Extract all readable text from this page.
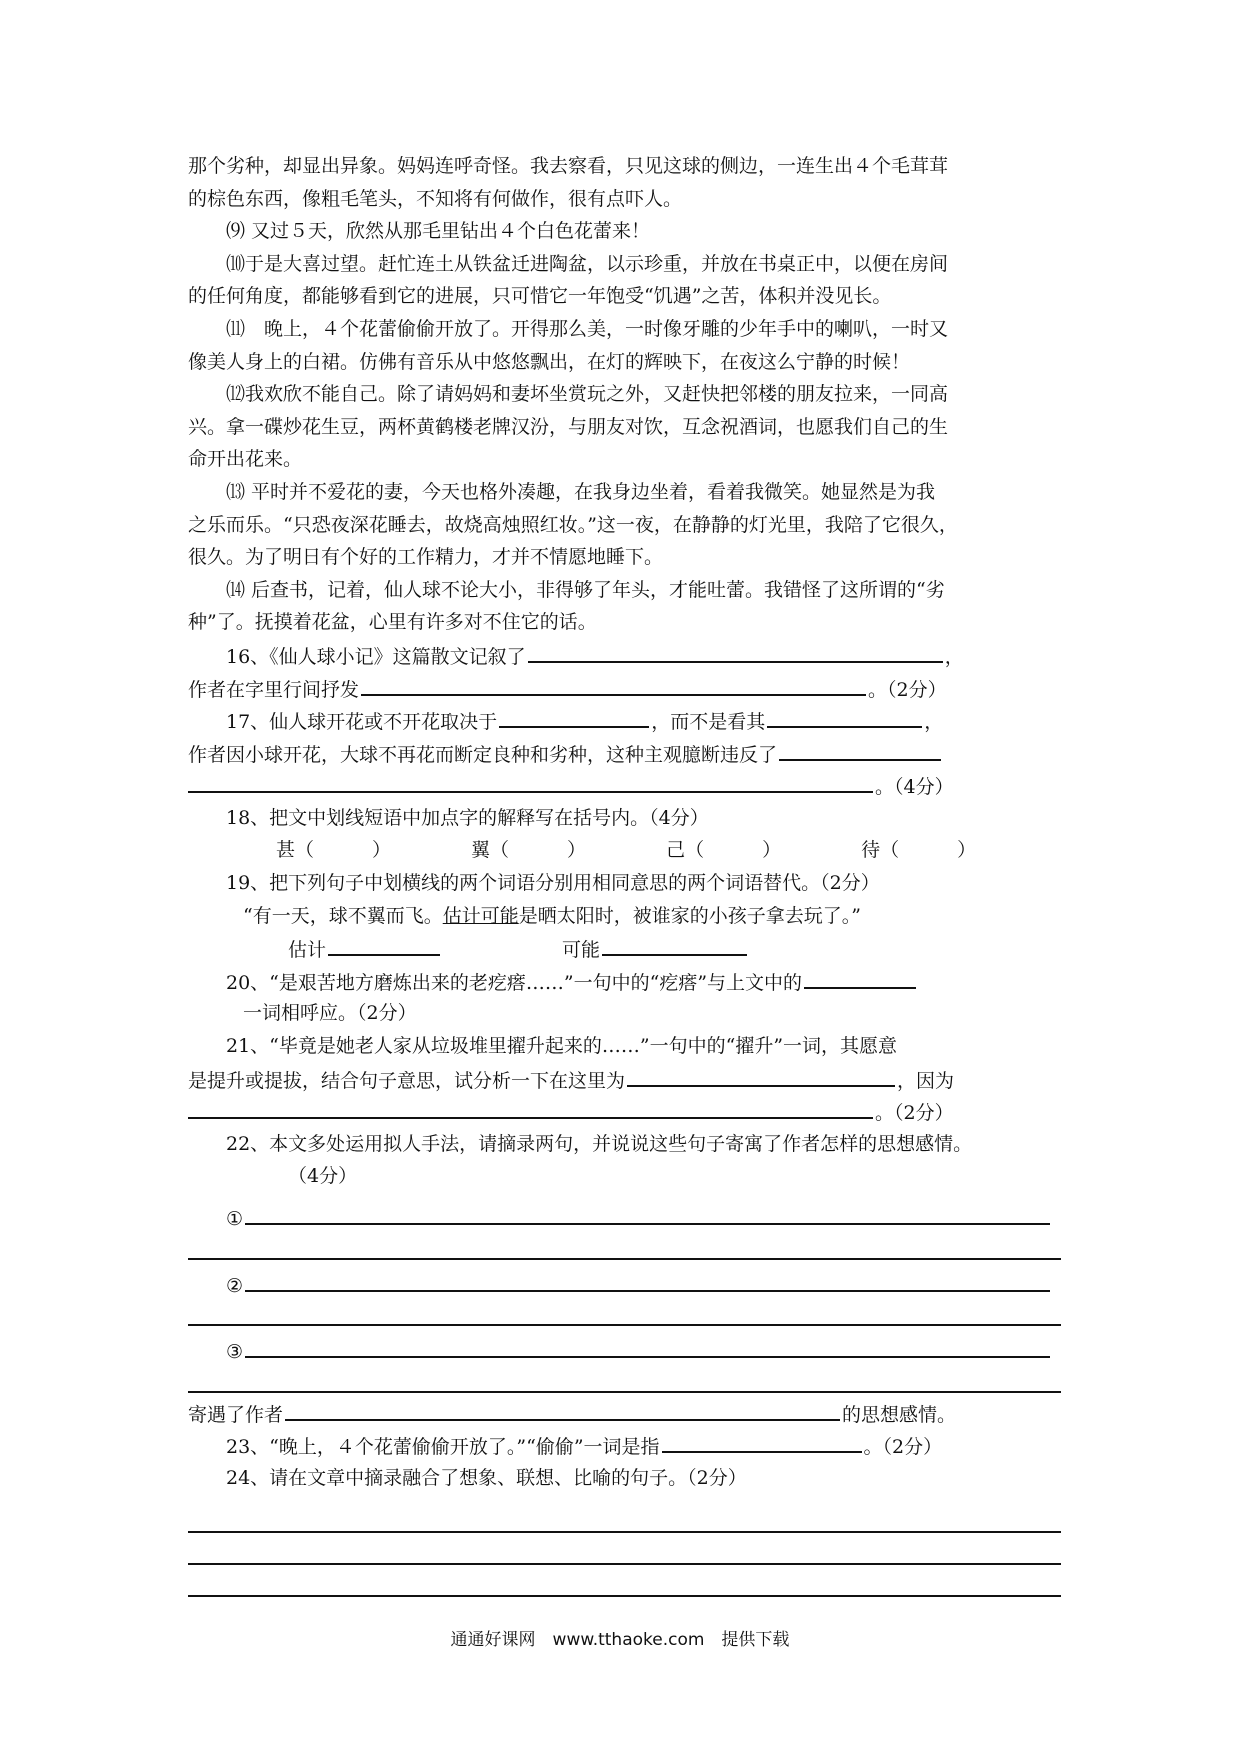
那个劣种，却显出异象。妈妈连呼奇怪。我去察看，只见这球的侧边，一连生出４个毛茸茸
的棕色东西，像粗毛笔头，不知将有何做作，很有点吓人。
⑼ 又过５天，欣然从那毛里钻出４个白色花蕾来！
⑽于是大喜过望。赶忙连土从铁盆迁进陶盆，以示珍重，并放在书桌正中，以便在房间
的任何角度，都能够看到它的进展，只可惜它一年饱受“饥遇”之苦，体积并没见长。
⑾　晚上，４个花蕾偷偷开放了。开得那么美，一时像牙雕的少年手中的喇叭，一时又
像美人身上的白裙。仿佛有音乐从中悠悠飘出，在灯的辉映下，在夜这么宁静的时候！
⑿我欢欣不能自己。除了请妈妈和妻坏坐赏玩之外，又赶快把邻楼的朋友拉来，一同高
兴。拿一碟炒花生豆，两杯黄鹤楼老牌汉汾，与朋友对饮，互念祝酒词，也愿我们自己的生
命开出花来。
⒀ 平时并不爱花的妻，今天也格外凑趣，在我身边坐着，看着我微笑。她显然是为我
之乐而乐。“只恐夜深花睡去，故烧高烛照红妆。”这一夜，在静静的灯光里，我陪了它很久，
很久。为了明日有个好的工作精力，才并不情愿地睡下。
⒁ 后查书，记着，仙人球不论大小，非得够了年头，才能吐蕾。我错怪了这所谓的“劣
种”了。抚摸着花盆，心里有许多对不住它的话。
16、《仙人球小记》这篇散文记叙了	，
作者在字里行间抒发	。（2分）
17、仙人球开花或不开花取决于	，而不是看其	，
作者因小球开花，大球不再花而断定良种和劣种，这种主观臆断违反了
。（4分）
18、把文中划线短语中加点字的解释写在括号内。（4分）
甚（	）	翼（	）	己（	）	待（	）
19、把下列句子中划横线的两个词语分别用相同意思的两个词语替代。（2分）
“有一天，球不翼而飞。估计可能是晒太阳时，被谁家的小孩子拿去玩了。”
估计	可能
20、“是艰苦地方磨炼出来的老疙瘩……”一句中的“疙瘩”与上文中的
一词相呼应。（2分）
21、“毕竟是她老人家从垃圾堆里擢升起来的……”一句中的“擢升”一词，其愿意
是提升或提拔，结合句子意思，试分析一下在这里为	，因为
。（2分）
22、本文多处运用拟人手法，请摘录两句，并说说这些句子寄寓了作者怎样的思想感情。
（4分）
①
②
③
寄遇了作者	的思想感情。
23、“晚上，４个花蕾偷偷开放了。”“偷偷”一词是指	。（2分）
24、请在文章中摘录融合了想象、联想、比喻的句子。（2分）
通通好课网　www.tthaoke.com　提供下载
